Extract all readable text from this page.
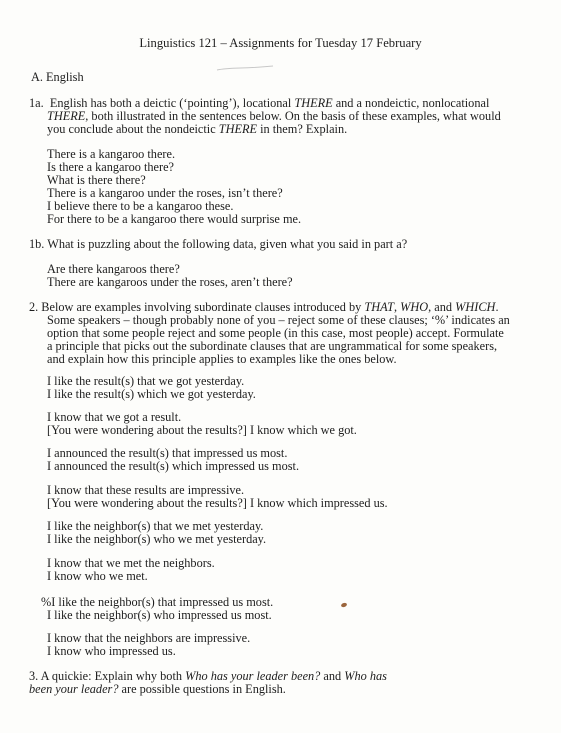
Linguistics 121 – Assignments for Tuesday 17 February
A. English
1a. English has both a deictic (‘pointing’), locational THERE and a nondeictic, nonlocational
THERE, both illustrated in the sentences below. On the basis of these examples, what would
you conclude about the nondeictic THERE in them? Explain.
There is a kangaroo there.
Is there a kangaroo there?
What is there there?
There is a kangaroo under the roses, isn’t there?
I believe there to be a kangaroo these.
For there to be a kangaroo there would surprise me.
1b. What is puzzling about the following data, given what you said in part a?
Are there kangaroos there?
There are kangaroos under the roses, aren’t there?
2. Below are examples involving subordinate clauses introduced by THAT, WHO, and WHICH.
Some speakers – though probably none of you – reject some of these clauses; ‘%’ indicates an
option that some people reject and some people (in this case, most people) accept. Formulate
a principle that picks out the subordinate clauses that are ungrammatical for some speakers,
and explain how this principle applies to examples like the ones below.
I like the result(s) that we got yesterday.
I like the result(s) which we got yesterday.
I know that we got a result.
[You were wondering about the results?] I know which we got.
I announced the result(s) that impressed us most.
I announced the result(s) which impressed us most.
I know that these results are impressive.
[You were wondering about the results?] I know which impressed us.
I like the neighbor(s) that we met yesterday.
I like the neighbor(s) who we met yesterday.
I know that we met the neighbors.
I know who we met.
%I like the neighbor(s) that impressed us most.
I like the neighbor(s) who impressed us most.
I know that the neighbors are impressive.
I know who impressed us.
3. A quickie: Explain why both Who has your leader been? and Who has
been your leader? are possible questions in English.
